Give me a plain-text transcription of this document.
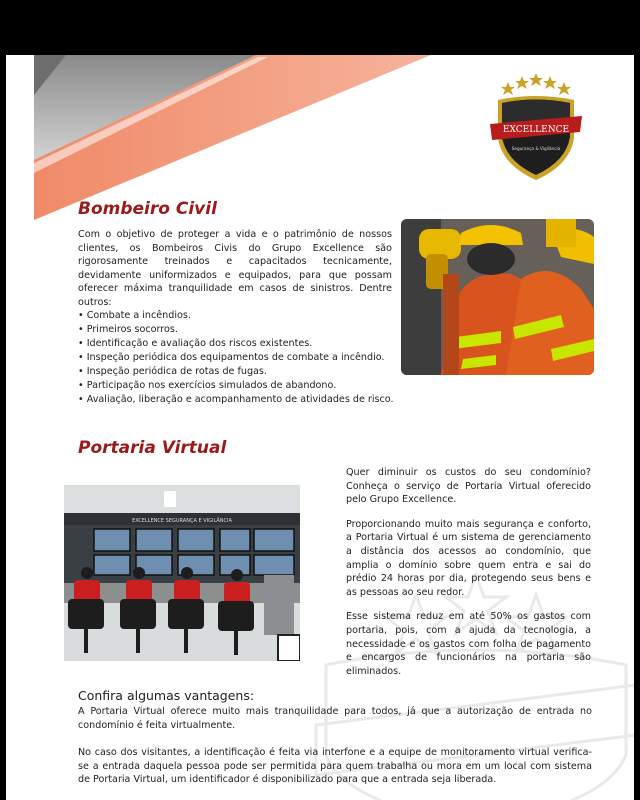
EXCELLENCE
Segurança & Vigilância
Bombeiro Civil
Com o objetivo de proteger a vida e o patrimônio de nossos clientes, os Bombeiros Civis do Grupo Excellence são rigorosamente treinados e capacitados tecnicamente, devidamente uniformizados e equipados, para que possam oferecer máxima tranquilidade em casos de sinistros. Dentre outros:
• Combate a incêndios.
• Primeiros socorros.
• Identificação e avaliação dos riscos existentes.
• Inspeção periódica dos equipamentos de combate a incêndio.
• Inspeção periódica de rotas de fugas.
• Participação nos exercícios simulados de abandono.
• Avaliação, liberação e acompanhamento de atividades de risco.
Portaria Virtual
EXCELLENCE SEGURANÇA E VIGILÂNCIA

Quer diminuir os custos do seu condomínio? Conheça o serviço de Portaria Virtual oferecido pelo Grupo Excellence.

Proporcionando muito mais segurança e conforto, a Portaria Virtual é um sistema de gerenciamento a distância dos acessos ao condomínio, que amplia o domínio sobre quem entra e sai do prédio 24 horas por dia, protegendo seus bens e as pessoas ao seu redor.

Esse sistema reduz em até 50% os gastos com portaria, pois, com a ajuda da tecnologia, a necessidade e os gastos com folha de pagamento e encargos de funcionários na portaria são eliminados.

Confira algumas vantagens:

A Portaria Virtual oferece muito mais tranquilidade para todos, já que a autorização de entrada no condomínio é feita virtualmente.

No caso dos visitantes, a identificação é feita via interfone e a equipe de monitoramento virtual verifica-se a entrada daquela pessoa pode ser permitida para quem trabalha ou mora em um local com sistema de Portaria Virtual, um identificador é disponibilizado para que a entrada seja liberada.
